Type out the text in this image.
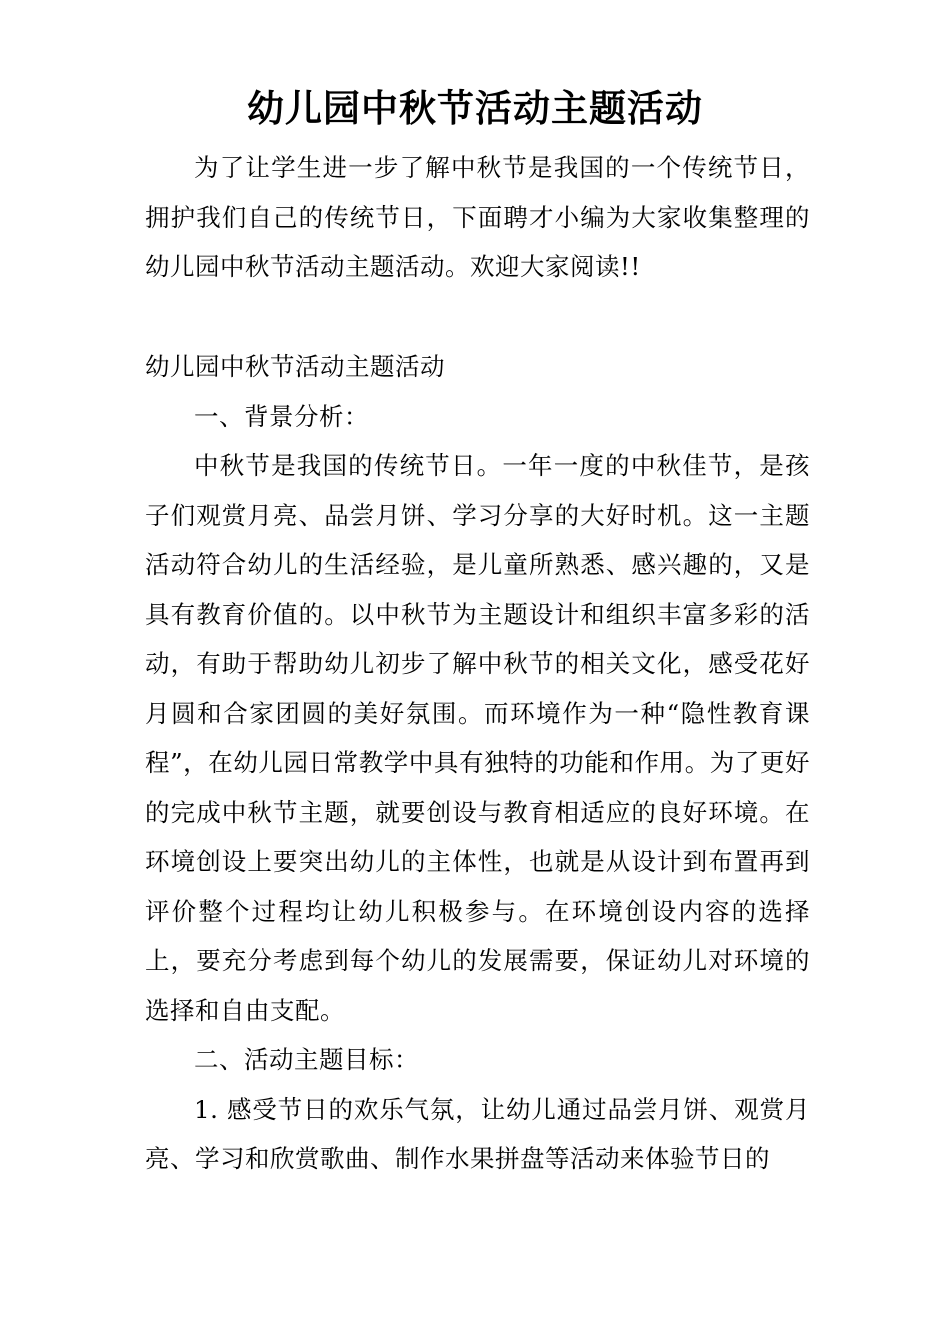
幼儿园中秋节活动主题活动

为了让学生进一步了解中秋节是我国的一个传统节日，拥护我们自己的传统节日，下面聘才小编为大家收集整理的幼儿园中秋节活动主题活动。欢迎大家阅读!!

幼儿园中秋节活动主题活动

一、背景分析：

中秋节是我国的传统节日。一年一度的中秋佳节，是孩子们观赏月亮、品尝月饼、学习分享的大好时机。这一主题活动符合幼儿的生活经验，是儿童所熟悉、感兴趣的，又是具有教育价值的。以中秋节为主题设计和组织丰富多彩的活动，有助于帮助幼儿初步了解中秋节的相关文化，感受花好月圆和合家团圆的美好氛围。而环境作为一种“隐性教育课程”，在幼儿园日常教学中具有独特的功能和作用。为了更好的完成中秋节主题，就要创设与教育相适应的良好环境。在环境创设上要突出幼儿的主体性，也就是从设计到布置再到评价整个过程均让幼儿积极参与。在环境创设内容的选择上，要充分考虑到每个幼儿的发展需要，保证幼儿对环境的选择和自由支配。

二、活动主题目标：

1. 感受节日的欢乐气氛，让幼儿通过品尝月饼、观赏月亮、学习和欣赏歌曲、制作水果拼盘等活动来体验节日的
